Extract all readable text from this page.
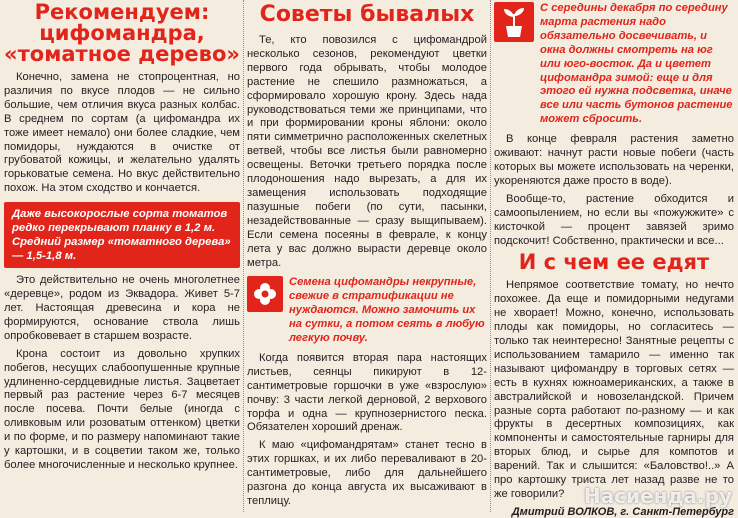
Рекомендуем: цифомандра, «томатное дерево»

Конечно, замена не стопроцентная, но различия по вкусе плодов — не сильно большие, чем отличия вкуса разных колбас. В среднем по сортам (а цифомандра их тоже имеет немало) они более сладкие, чем помидоры, нуждаются в очистке от грубоватой кожицы, и желательно удалять горьковатые семена. Но вкус действительно похож. На этом сходство и кончается.

Даже высокорослые сорта томатов редко перекрывают планку в 1,2 м. Средний размер «томатного дерева» — 1,5-1,8 м.

Это действительно не очень многолетнее «деревце», родом из Эквадора. Живет 5-7 лет. Настоящая древесина и кора не формируются, основание ствола лишь опробковевает в старшем возрасте.

Крона состоит из довольно хрупких побегов, несущих слабоопушенные крупные удлиненно-сердцевидные листья. Зацветает первый раз растение через 6-7 месяцев после посева. Почти белые (иногда с оливковым или розоватым оттенком) цветки и по форме, и по размеру напоминают такие у картошки, и в соцветии таком же, только более многочисленные и несколько крупнее.

Советы бывалых

Те, кто повозился с цифомандрой несколько сезонов, рекомендуют цветки первого года обрывать, чтобы молодое растение не спешило размножаться, а сформировало хорошую крону. Здесь нада руководствоваться теми же принципами, что и при формировании кроны яблони: около пяти симметрично расположенных скелетных ветвей, чтобы все листья были равномерно освещены. Веточки третьего порядка после плодоношения надо вырезать, а для их замещения использовать подходящие пазушные побеги (по сути, пасынки, незадействованные — сразу выщипываем). Если семена посеяны в феврале, к концу лета у вас должно вырасти деревце около метра.

Семена цифомандры некрупные, свежие в стратификации не нуждаются. Можно замочить их на сутки, а потом сеять в любую легкую почву.

Когда появится вторая пара настоящих листьев, сеянцы пикируют в 12-сантиметровые горшочки в уже «взрослую» почву: 3 части легкой дерновой, 2 верхового торфа и одна — крупнозернистого песка. Обязателен хороший дренаж.

К маю «цифомандрятам» станет тесно в этих горшках, и их либо переваливают в 20-сантиметровые, либо для дальнейшего разгона до конца августа их высаживают в теплицу.

С середины декабря по середину марта растения надо обязательно досвечивать, и окна должны смотреть на юг или юго-восток. Да и цветет цифомандра зимой: еще и для этого ей нужна подсветка, иначе все или часть бутонов растение может сбросить.

В конце февраля растения заметно оживают: начнут расти новые побеги (часть которых вы можете использовать на черенки, укореняются даже просто в воде).

Вообще-то, растение обходится и самоопылением, но если вы «пожужжите» с кисточкой — процент завязей зримо подскочит! Собственно, практически и все...

И с чем ее едят

Непрямое соответствие томату, но нечто похожее. Да еще и помидорными недугами не хворает! Можно, конечно, использовать плоды как помидоры, но согласитесь — только так неинтересно! Занятные рецепты с использованием тамарило — именно так называют цифомандру в торговых сетях — есть в кухнях южноамериканских, а также в австралийской и новозеландской. Причем разные сорта работают по-разному — и как фрукты в десертных композициях, как компоненты и самостоятельные гарниры для вторых блюд, и сырье для компотов и варений. Так и слышится: «Баловство!..» А про картошку триста лет назад разве не то же говорили?

Дмитрий ВОЛКОВ, г. Санкт-Петербург
Насиенда.ру
